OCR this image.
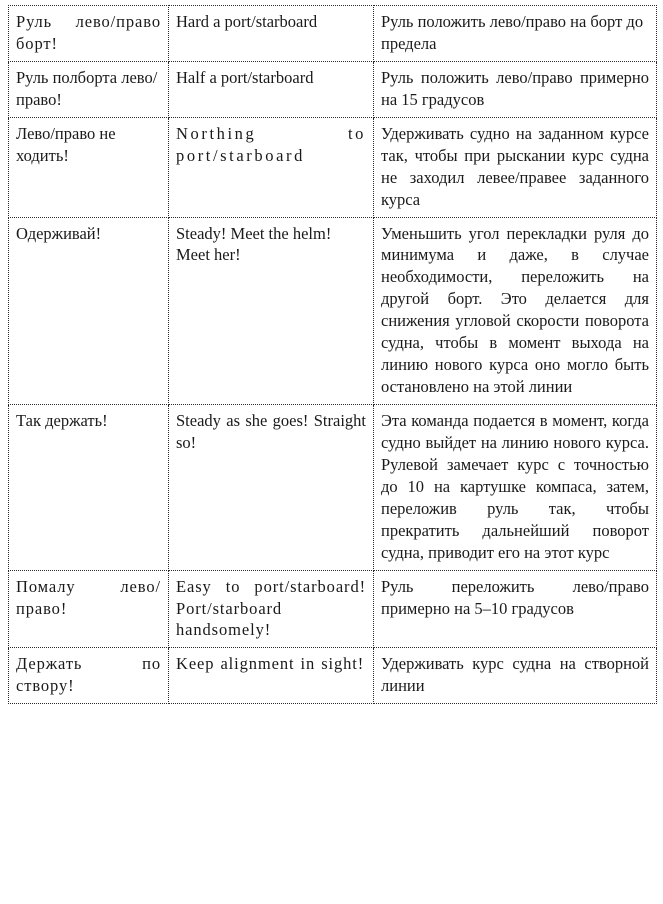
Руль лево/право борт!	Hard a port/starboard	Руль положить лево/право на борт до предела

Руль полборта лево/право!	Half a port/starboard	Руль положить лево/право примерно на 15 градусов

Лево/право не ходить!	Northing to port/starboard	Удерживать судно на заданном курсе так, чтобы при рыскании курс судна не заходил левее/правее заданного курса

Одерживай!	Steady! Meet the helm! Meet her!	Уменьшить угол перекладки руля до минимума и даже, в случае необходимости, переложить на другой борт. Это делается для снижения угловой скорости поворота судна, чтобы в момент выхода на линию нового курса оно могло быть остановлено на этой линии

Так держать!	Steady as she goes! Straight so!	Эта команда подается в момент, когда судно выйдет на линию нового курса. Рулевой замечает курс с точностью до 10 на картушке компаса, затем, переложив руль так, чтобы прекратить дальнейший поворот судна, приводит его на этот курс

Помалу лево/право!	Easy to port/starboard! Port/starboard handsomely!	Руль переложить лево/право примерно на 5–10 градусов

Держать по створу!	Keep alignment in sight!	Удерживать курс судна на створной линии
